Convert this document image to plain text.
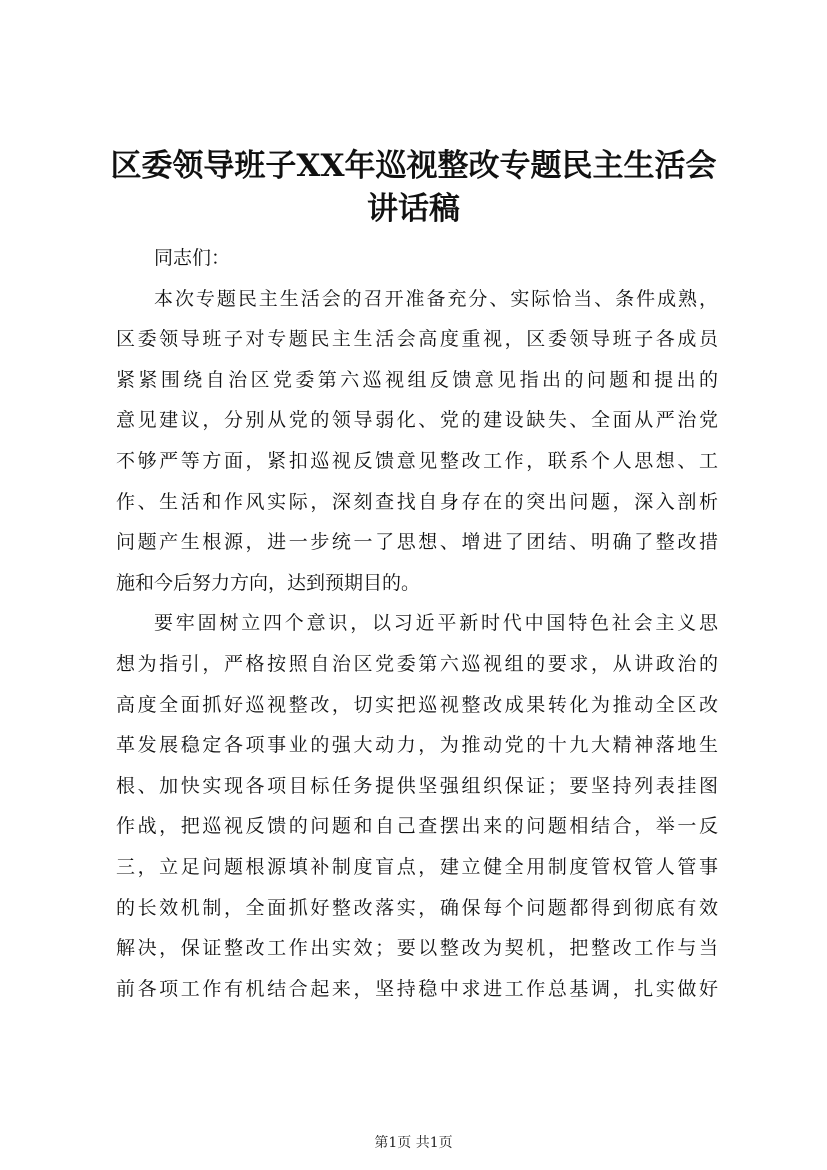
区委领导班子XX年巡视整改专题民主生活会
讲话稿
同志们：
本次专题民主生活会的召开准备充分、实际恰当、条件成熟，
区委领导班子对专题民主生活会高度重视，区委领导班子各成员
紧紧围绕自治区党委第六巡视组反馈意见指出的问题和提出的
意见建议，分别从党的领导弱化、党的建设缺失、全面从严治党
不够严等方面，紧扣巡视反馈意见整改工作，联系个人思想、工
作、生活和作风实际，深刻查找自身存在的突出问题，深入剖析
问题产生根源，进一步统一了思想、增进了团结、明确了整改措
施和今后努力方向，达到预期目的。
要牢固树立四个意识，以习近平新时代中国特色社会主义思
想为指引，严格按照自治区党委第六巡视组的要求，从讲政治的
高度全面抓好巡视整改，切实把巡视整改成果转化为推动全区改
革发展稳定各项事业的强大动力，为推动党的十九大精神落地生
根、加快实现各项目标任务提供坚强组织保证；要坚持列表挂图
作战，把巡视反馈的问题和自己查摆出来的问题相结合，举一反
三，立足问题根源填补制度盲点，建立健全用制度管权管人管事
的长效机制，全面抓好整改落实，确保每个问题都得到彻底有效
解决，保证整改工作出实效；要以整改为契机，把整改工作与当
前各项工作有机结合起来，坚持稳中求进工作总基调，扎实做好
第1页 共1页
